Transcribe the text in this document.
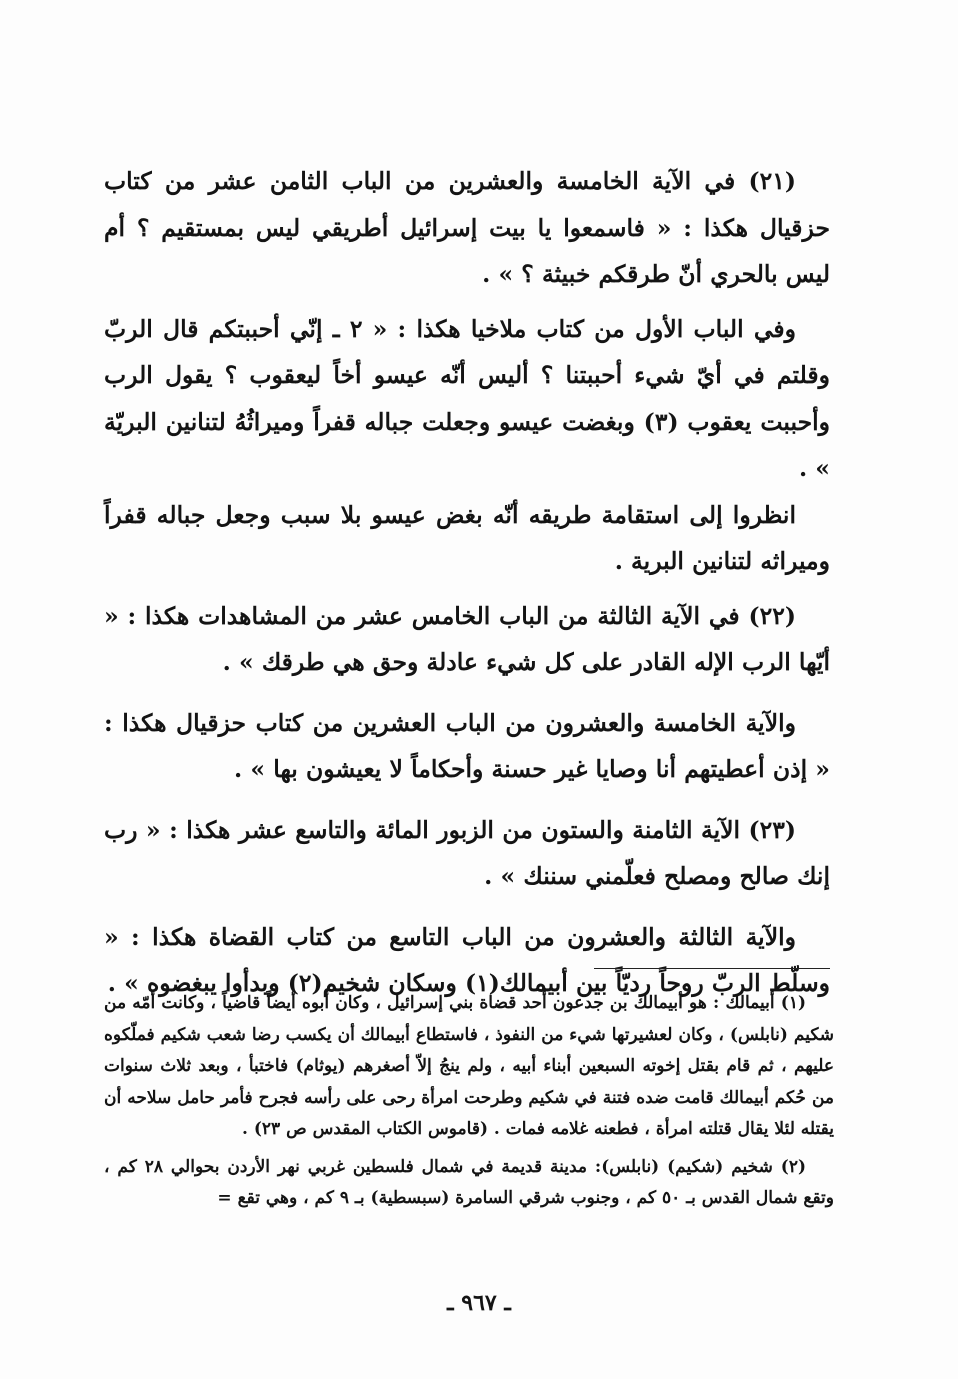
(٢١) في الآية الخامسة والعشرين من الباب الثامن عشر من كتاب حزقيال هكذا : « فاسمعوا يا بيت إسرائيل أطريقي ليس بمستقيم ؟ أم ليس بالحري أنّ طرقكم خبيثة ؟ » .

وفي الباب الأول من كتاب ملاخيا هكذا : « ٢ ـ إنّي أحببتكم قال الربّ وقلتم في أيّ شيء أحببتنا ؟ أليس أنّه عيسو أخاً ليعقوب ؟ يقول الرب وأحببت يعقوب (٣) وبغضت عيسو وجعلت جباله قفراً وميراثُهُ لتنانين البريّة » .

انظروا إلى استقامة طريقه أنّه بغض عيسو بلا سبب وجعل جباله قفراً وميراثه لتنانين البرية .

(٢٢) في الآية الثالثة من الباب الخامس عشر من المشاهدات هكذا : « أيّها الرب الإله القادر على كل شيء عادلة وحق هي طرقك » .

والآية الخامسة والعشرون من الباب العشرين من كتاب حزقيال هكذا : « إذن أعطيتهم أنا وصايا غير حسنة وأحكاماً لا يعيشون بها » .

(٢٣) الآية الثامنة والستون من الزبور المائة والتاسع عشر هكذا : « رب إنك صالح ومصلح فعلّمني سننك » .

والآية الثالثة والعشرون من الباب التاسع من كتاب القضاة هكذا : « وسلّط الربّ روحاً رديّاً بين أبيمالك(١) وسكان شخيم(٢) وبدأوا يبغضوه » .

(١) أبيمالك : هو أبيمالك بن جدعون أحد قضاة بني إسرائيل ، وكان أبوه أيضاً قاضياً ، وكانت أمّه من شكيم (نابلس) ، وكان لعشيرتها شيء من النفوذ ، فاستطاع أبيمالك أن يكسب رضا شعب شكيم فملّكوه عليهم ، ثم قام بقتل إخوته السبعين أبناء أبيه ، ولم ينجُ إلاّ أصغرهم (يوثام) فاختبأ ، وبعد ثلاث سنوات من حُكم أبيمالك قامت ضده فتنة في شكيم وطرحت امرأة رحى على رأسه فجرح فأمر حامل سلاحه أن يقتله لئلا يقال قتلته امرأة ، فطعنه غلامه فمات . (قاموس الكتاب المقدس ص ٢٣) .

(٢) شخيم (شكيم) (نابلس): مدينة قديمة في شمال فلسطين غربي نهر الأردن بحوالي ٢٨ كم ، وتقع شمال القدس بـ ٥٠ كم ، وجنوب شرقي السامرة (سبسطية) بـ ٩ كم ، وهي تقع =

ـ ٩٦٧ ـ
